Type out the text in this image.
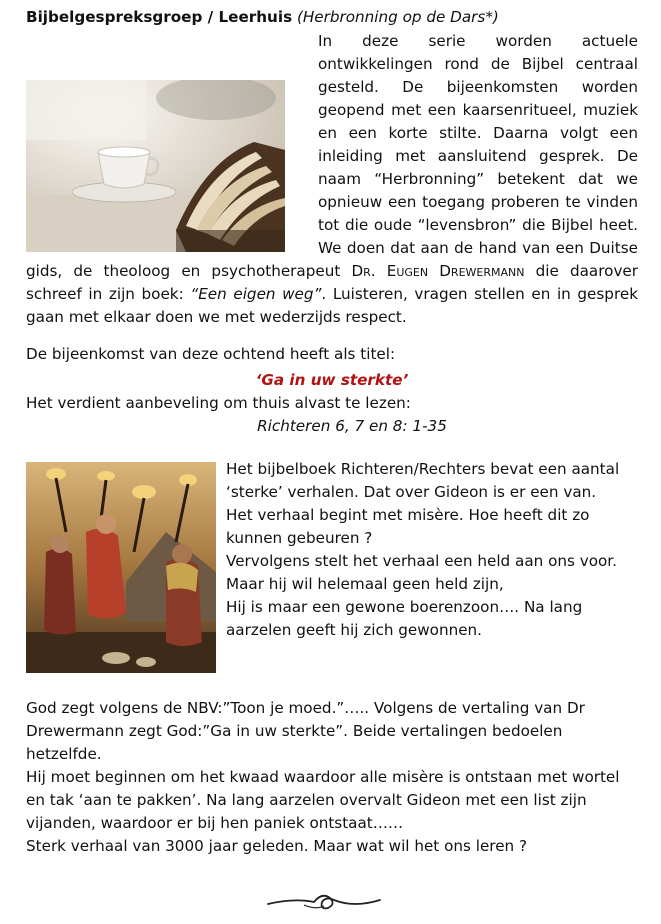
Bijbelgespreksgroep / Leerhuis (Herbronning op de Dars*)

In deze serie worden actuele ontwikkelingen rond de Bijbel centraal gesteld. De bijeenkomsten worden geopend met een kaarsenritueel, muziek en een korte stilte. Daarna volgt een inleiding met aansluitend gesprek. De naam “Herbronning” betekent dat we opnieuw een toegang proberen te vinden tot die oude “levensbron” die Bijbel heet. We doen dat aan de hand van een Duitse gids, de theoloog en psychotherapeut Dr. Eugen Drewermann die daarover schreef in zijn boek: “Een eigen weg”. Luisteren, vragen stellen en in gesprek gaan met elkaar doen we met wederzijds respect.

De bijeenkomst van deze ochtend heeft als titel:

‘Ga in uw sterkte’

Het verdient aanbeveling om thuis alvast te lezen:

Richteren 6, 7 en 8: 1-35

Het bijbelboek Richteren/Rechters bevat een aantal ‘sterke’ verhalen. Dat over Gideon is er een van.

Het verhaal begint met misère. Hoe heeft dit zo kunnen gebeuren ?

Vervolgens stelt het verhaal een held aan ons voor. Maar hij wil helemaal geen held zijn,

Hij is maar een gewone boerenzoon…. Na lang aarzelen geeft hij zich gewonnen.

God zegt volgens de NBV:”Toon je moed.”….. Volgens de vertaling van Dr Drewermann zegt God:”Ga in uw sterkte”. Beide vertalingen bedoelen hetzelfde.

Hij moet beginnen om het kwaad waardoor alle misère is ontstaan met wortel en tak ‘aan te pakken’. Na lang aarzelen overvalt Gideon met een list zijn vijanden, waardoor er bij hen paniek ontstaat……

Sterk verhaal van 3000 jaar geleden. Maar wat wil het ons leren ?
